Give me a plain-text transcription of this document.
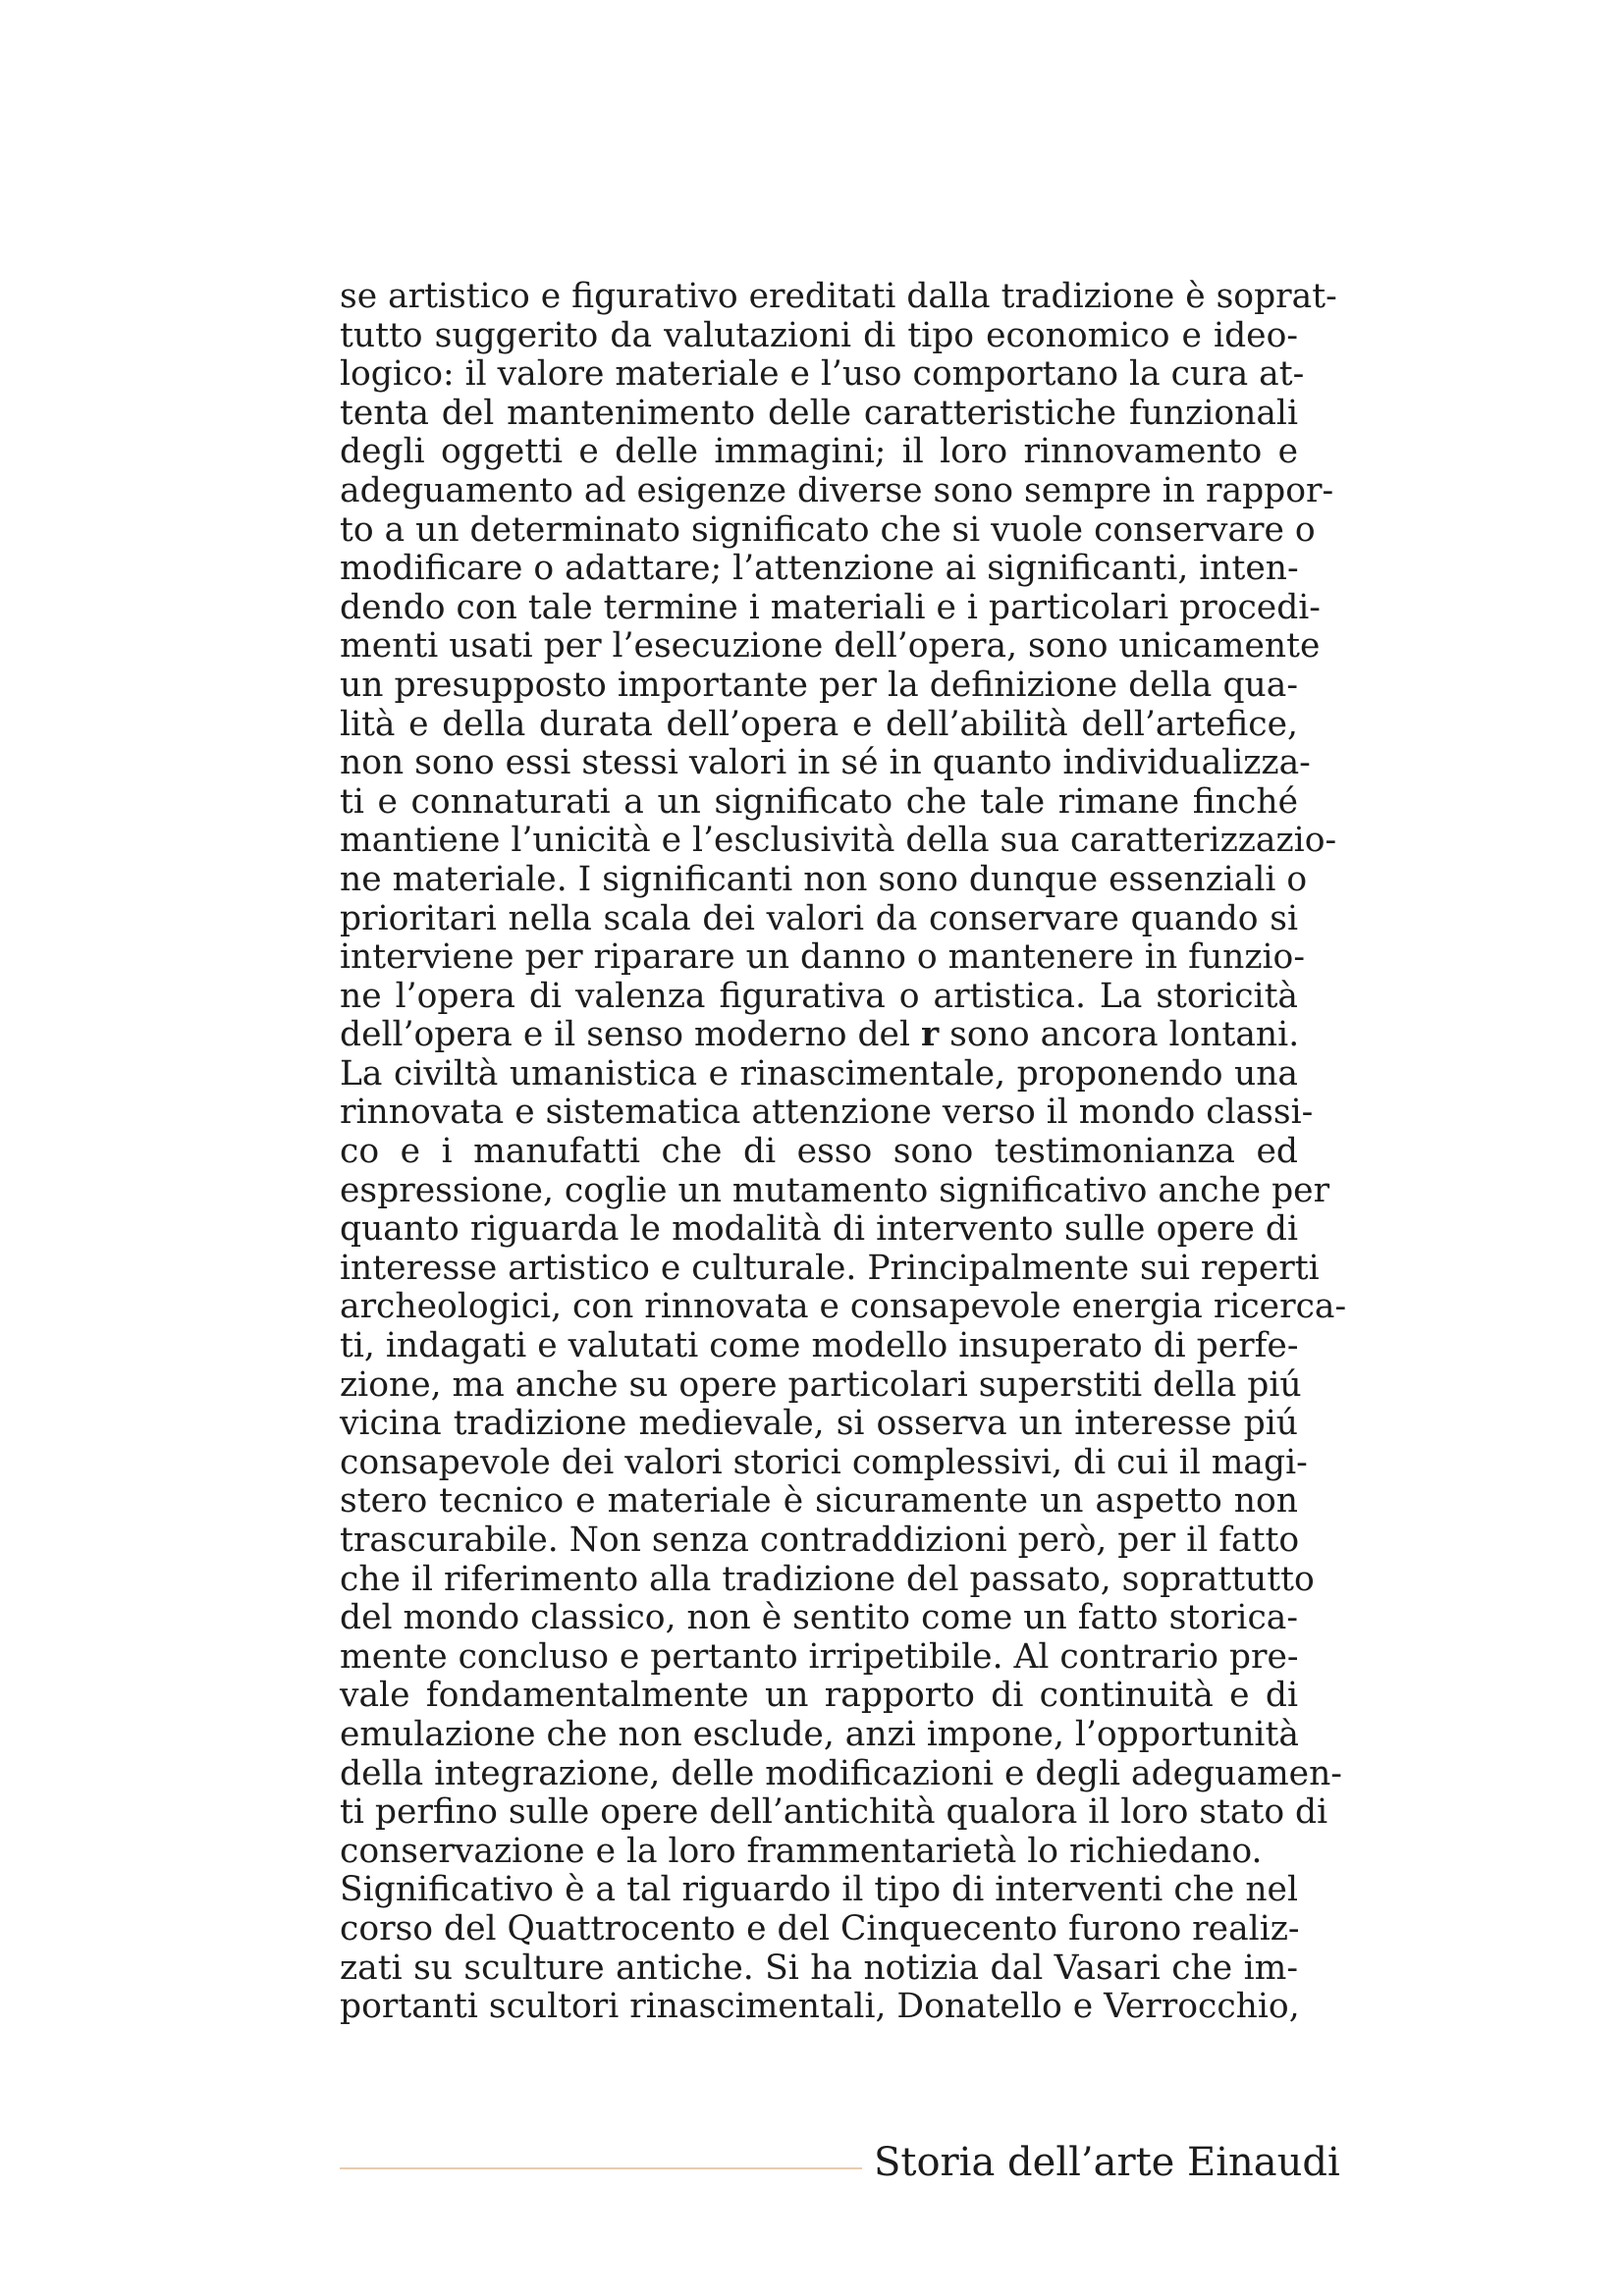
se artistico e figurativo ereditati dalla tradizione è soprat-
tutto suggerito da valutazioni di tipo economico e ideo-
logico: il valore materiale e l’uso comportano la cura at-
tenta del mantenimento delle caratteristiche funzionali
degli oggetti e delle immagini; il loro rinnovamento e
adeguamento ad esigenze diverse sono sempre in rappor-
to a un determinato significato che si vuole conservare o
modificare o adattare; l’attenzione ai significanti, inten-
dendo con tale termine i materiali e i particolari procedi-
menti usati per l’esecuzione dell’opera, sono unicamente
un presupposto importante per la definizione della qua-
lità e della durata dell’opera e dell’abilità dell’artefice,
non sono essi stessi valori in sé in quanto individualizza-
ti e connaturati a un significato che tale rimane finché
mantiene l’unicità e l’esclusività della sua caratterizzazio-
ne materiale. I significanti non sono dunque essenziali o
prioritari nella scala dei valori da conservare quando si
interviene per riparare un danno o mantenere in funzio-
ne l’opera di valenza figurativa o artistica. La storicità
dell’opera e il senso moderno del r sono ancora lontani.
La civiltà umanistica e rinascimentale, proponendo una
rinnovata e sistematica attenzione verso il mondo classi-
co e i manufatti che di esso sono testimonianza ed
espressione, coglie un mutamento significativo anche per
quanto riguarda le modalità di intervento sulle opere di
interesse artistico e culturale. Principalmente sui reperti
archeologici, con rinnovata e consapevole energia ricerca-
ti, indagati e valutati come modello insuperato di perfe-
zione, ma anche su opere particolari superstiti della piú
vicina tradizione medievale, si osserva un interesse piú
consapevole dei valori storici complessivi, di cui il magi-
stero tecnico e materiale è sicuramente un aspetto non
trascurabile. Non senza contraddizioni però, per il fatto
che il riferimento alla tradizione del passato, soprattutto
del mondo classico, non è sentito come un fatto storica-
mente concluso e pertanto irripetibile. Al contrario pre-
vale fondamentalmente un rapporto di continuità e di
emulazione che non esclude, anzi impone, l’opportunità
della integrazione, delle modificazioni e degli adeguamen-
ti perfino sulle opere dell’antichità qualora il loro stato di
conservazione e la loro frammentarietà lo richiedano.
Significativo è a tal riguardo il tipo di interventi che nel
corso del Quattrocento e del Cinquecento furono realiz-
zati su sculture antiche. Si ha notizia dal Vasari che im-
portanti scultori rinascimentali, Donatello e Verrocchio,
Storia dell’arte Einaudi
